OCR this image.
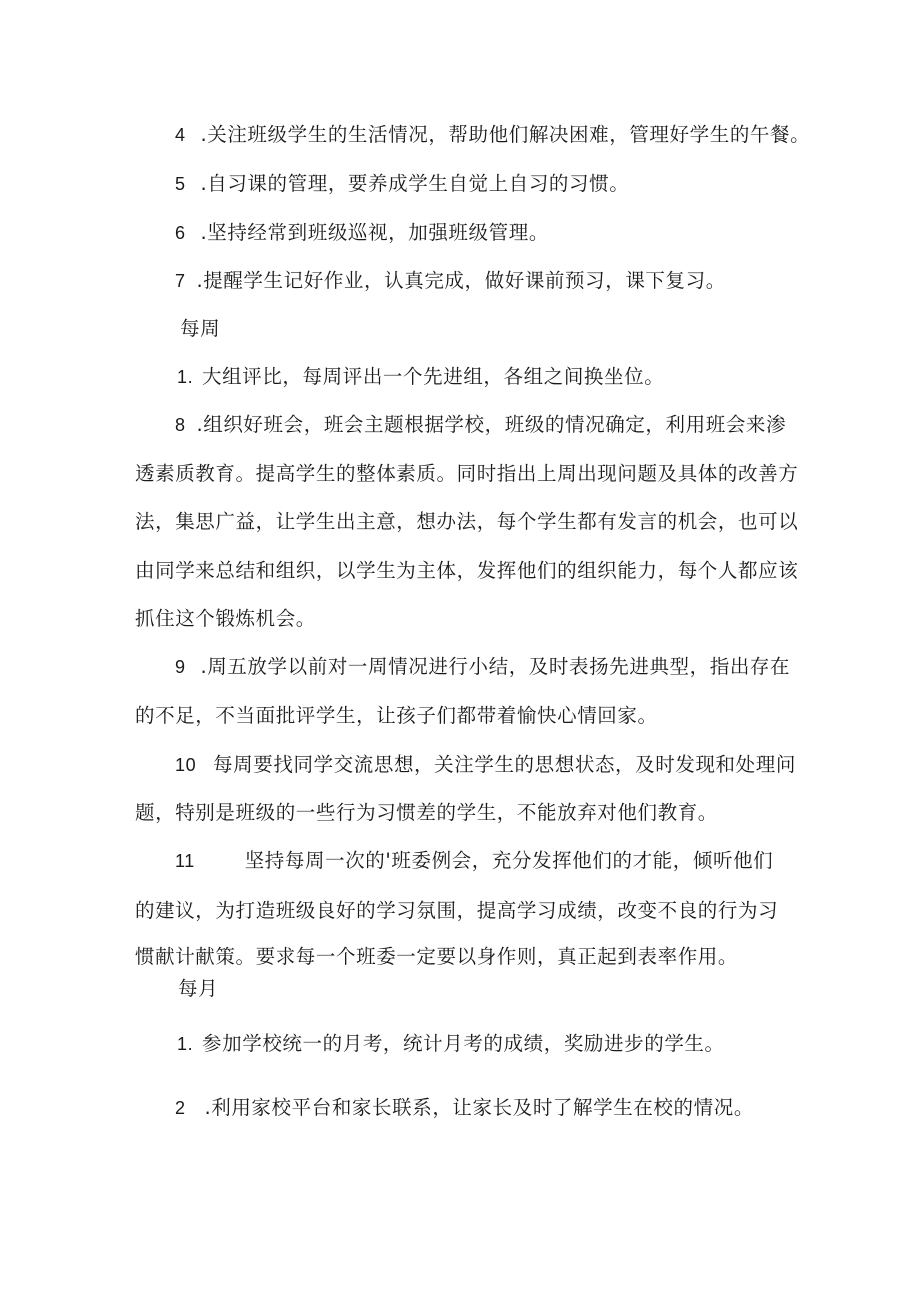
4 .关注班级学生的生活情况，帮助他们解决困难，管理好学生的午餐。
5 .自习课的管理，要养成学生自觉上自习的习惯。
6 .坚持经常到班级巡视，加强班级管理。
7 .提醒学生记好作业，认真完成，做好课前预习，课下复习。
每周
1. 大组评比，每周评出一个先进组，各组之间换坐位。
8 .组织好班会，班会主题根据学校，班级的情况确定，利用班会来渗
透素质教育。提高学生的整体素质。同时指出上周出现问题及具体的改善方
法，集思广益，让学生出主意，想办法，每个学生都有发言的机会，也可以
由同学来总结和组织，以学生为主体，发挥他们的组织能力，每个人都应该
抓住这个锻炼机会。
9 .周五放学以前对一周情况进行小结，及时表扬先进典型，指出存在
的不足，不当面批评学生，让孩子们都带着愉快心情回家。
10 每周要找同学交流思想，关注学生的思想状态，及时发现和处理问
题，特别是班级的一些行为习惯差的学生，不能放弃对他们教育。
11	坚持每周一次的'班委例会，充分发挥他们的才能，倾听他们
的建议，为打造班级良好的学习氛围，提高学习成绩，改变不良的行为习
惯献计献策。要求每一个班委一定要以身作则，真正起到表率作用。
每月
1. 参加学校统一的月考，统计月考的成绩，奖励进步的学生。
2 .利用家校平台和家长联系，让家长及时了解学生在校的情况。
